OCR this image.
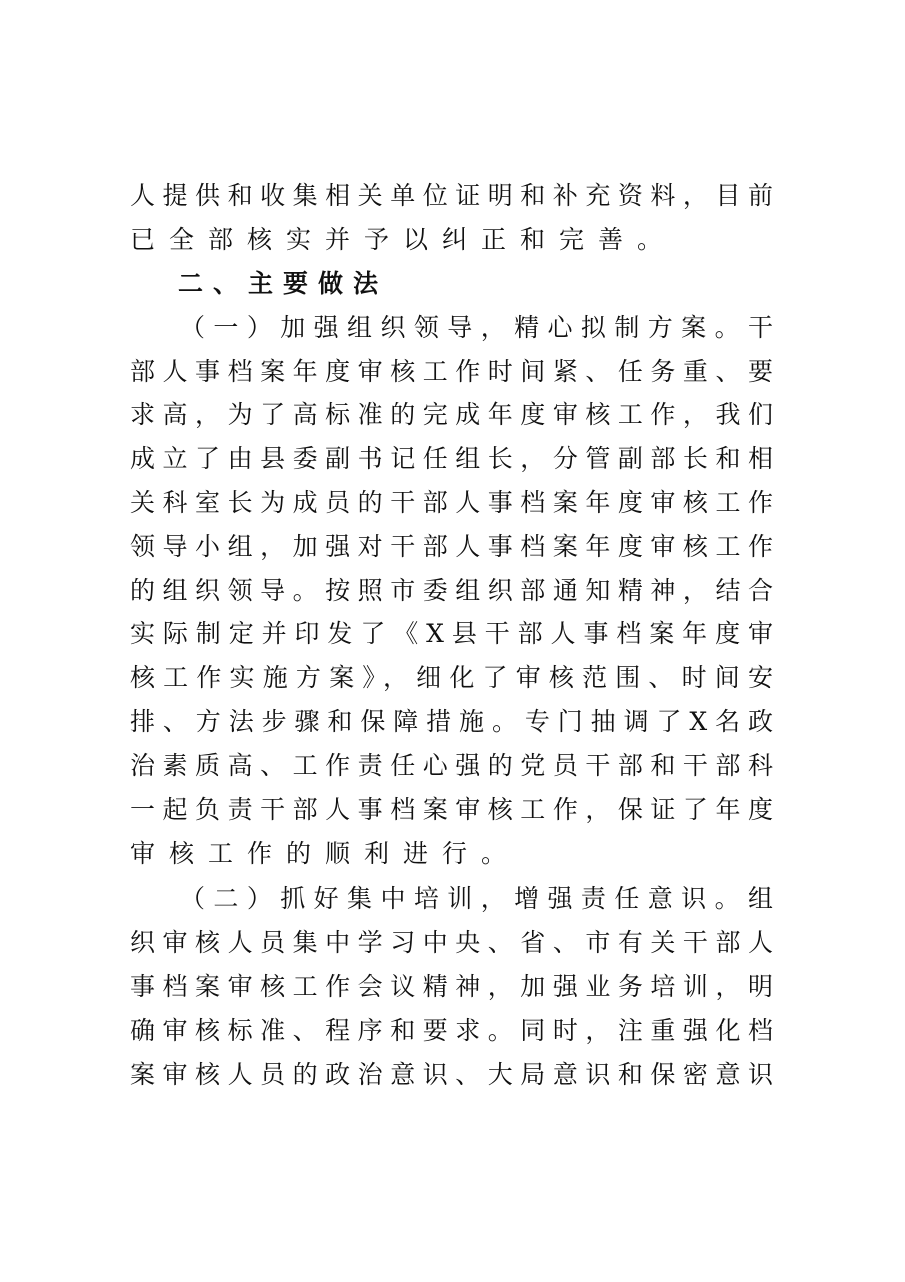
人提供和收集相关单位证明和补充资料，目前
已全部核实并予以纠正和完善。
二、主要做法
（一）加强组织领导，精心拟制方案。干
部人事档案年度审核工作时间紧、任务重、要
求高，为了高标准的完成年度审核工作，我们
成立了由县委副书记任组长，分管副部长和相
关科室长为成员的干部人事档案年度审核工作
领导小组，加强对干部人事档案年度审核工作
的组织领导。按照市委组织部通知精神，结合
实际制定并印发了《X县干部人事档案年度审
核工作实施方案》，细化了审核范围、时间安
排、方法步骤和保障措施。专门抽调了X名政
治素质高、工作责任心强的党员干部和干部科
一起负责干部人事档案审核工作，保证了年度
审核工作的顺利进行。
（二）抓好集中培训，增强责任意识。组
织审核人员集中学习中央、省、市有关干部人
事档案审核工作会议精神，加强业务培训，明
确审核标准、程序和要求。同时，注重强化档
案审核人员的政治意识、大局意识和保密意识
